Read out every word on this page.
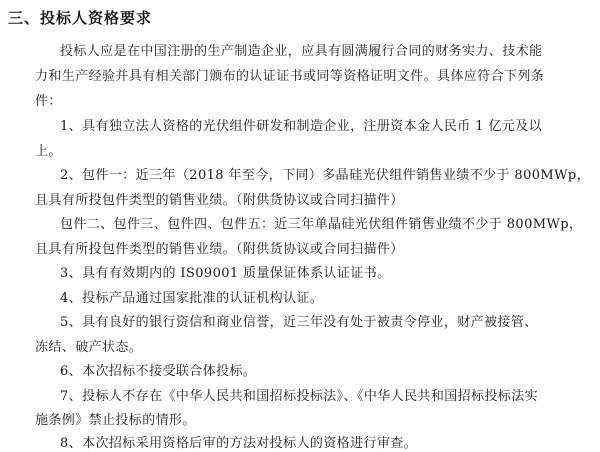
三、投标人资格要求
投标人应是在中国注册的生产制造企业，应具有圆满履行合同的财务实力、技术能
力和生产经验并具有相关部门颁布的认证证书或同等资格证明文件。具体应符合下列条
件：
1、具有独立法人资格的光伏组件研发和制造企业，注册资本金人民币 1 亿元及以
上。
2、包件一：近三年（2018 年至今，下同）多晶硅光伏组件销售业绩不少于 800MWp，
且具有所投包件类型的销售业绩。（附供货协议或合同扫描件）
包件二、包件三、包件四、包件五：近三年单晶硅光伏组件销售业绩不少于 800MWp，
且具有所投包件类型的销售业绩。（附供货协议或合同扫描件）
3、具有有效期内的 IS09001 质量保证体系认证证书。
4、投标产品通过国家批准的认证机构认证。
5、具有良好的银行资信和商业信誉，近三年没有处于被责令停业，财产被接管、
冻结、破产状态。
6、本次招标不接受联合体投标。
7、投标人不存在《中华人民共和国招标投标法》、《中华人民共和国招标投标法实
施条例》禁止投标的情形。
8、本次招标采用资格后审的方法对投标人的资格进行审查。
